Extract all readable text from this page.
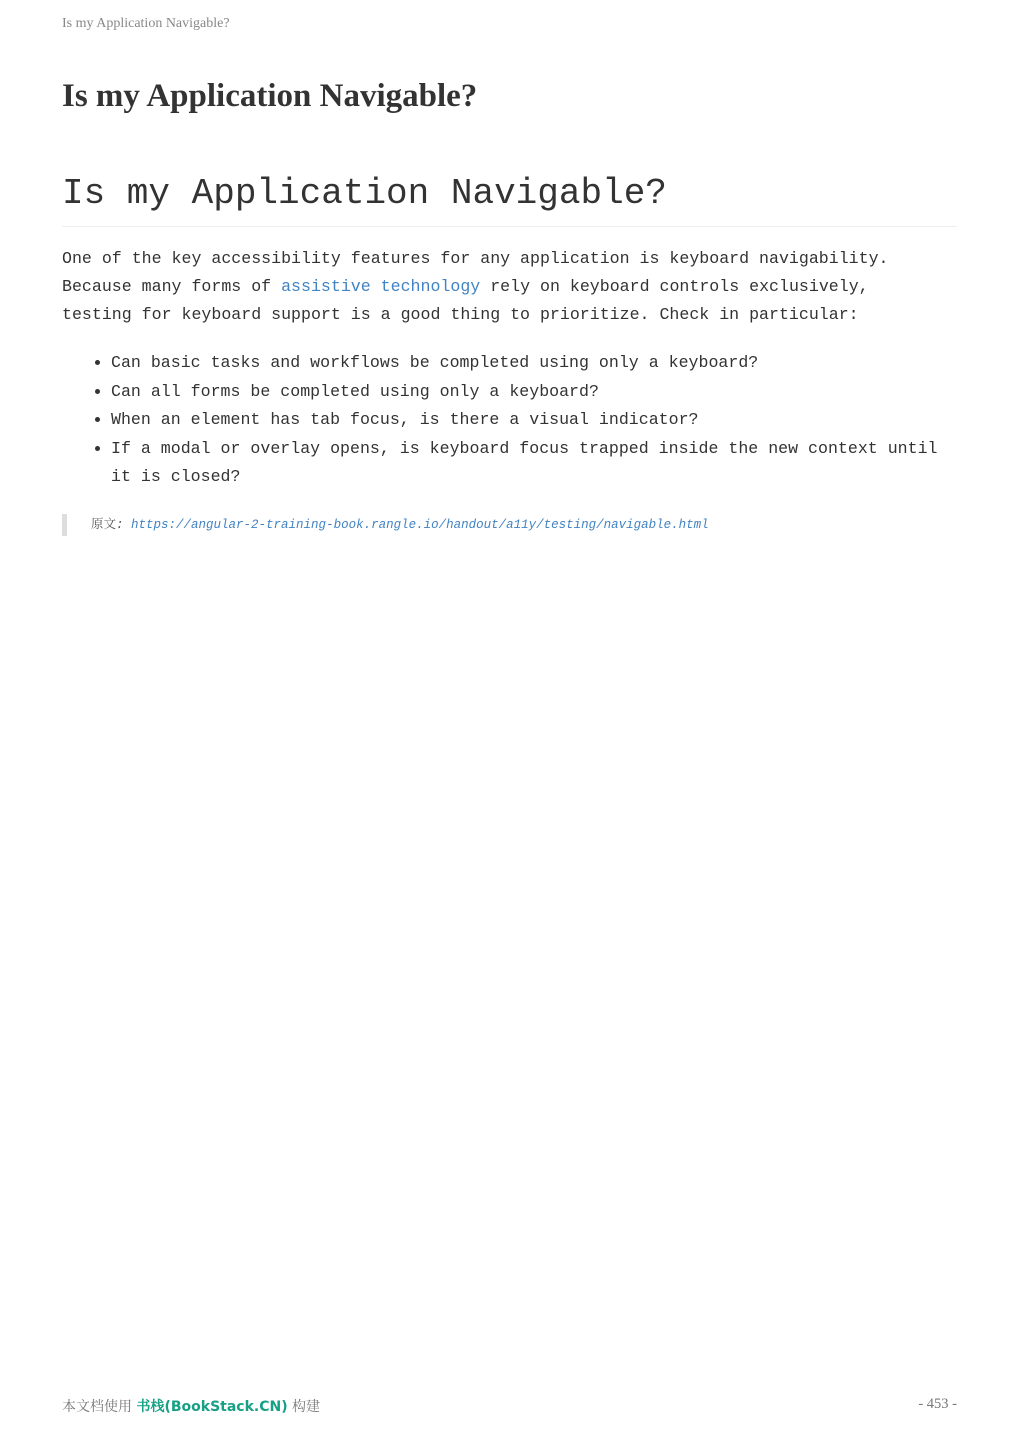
Is my Application Navigable?
Is my Application Navigable?
Is my Application Navigable?

One of the key accessibility features for any application is keyboard navigability. Because many forms of assistive technology rely on keyboard controls exclusively, testing for keyboard support is a good thing to prioritize. Check in particular:

• Can basic tasks and workflows be completed using only a keyboard?
• Can all forms be completed using only a keyboard?
• When an element has tab focus, is there a visual indicator?
• If a modal or overlay opens, is keyboard focus trapped inside the new context until it is closed?
原文: https://angular-2-training-book.rangle.io/handout/a11y/testing/navigable.html
本文档使用 书栈(BookStack.CN) 构建	- 453 -
